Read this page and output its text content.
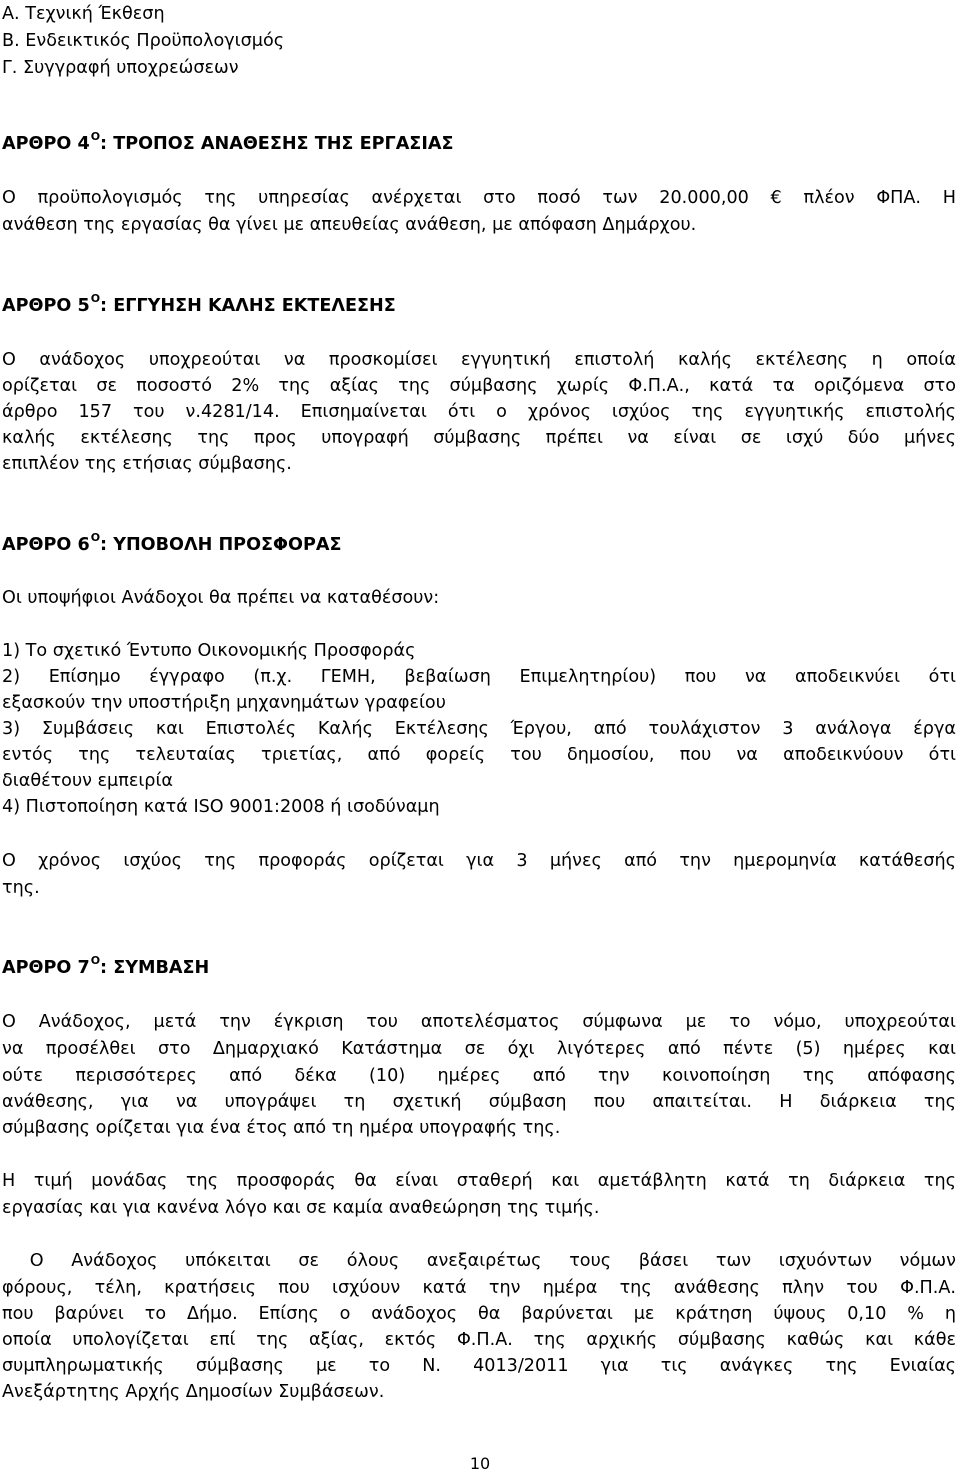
Α. Τεχνική Έκθεση
Β. Ενδεικτικός Προϋπολογισμός
Γ. Συγγραφή υποχρεώσεων
ΑΡΘΡΟ $4^O$: ΤΡΟΠΟΣ ΑΝΑΘΕΣΗΣ ΤΗΣ ΕΡΓΑΣΙΑΣ
Ο προϋπολογισμός της υπηρεσίας ανέρχεται στο ποσό των 20.000,00 € πλέον ΦΠΑ. Η
ανάθεση της εργασίας θα γίνει με απευθείας ανάθεση, με απόφαση Δημάρχου.
ΑΡΘΡΟ $5^O$: ΕΓΓΥΗΣΗ ΚΑΛΗΣ ΕΚΤΕΛΕΣΗΣ
Ο ανάδοχος υποχρεούται να προσκομίσει εγγυητική επιστολή καλής εκτέλεσης η οποία
ορίζεται σε ποσοστό 2% της αξίας της σύμβασης χωρίς Φ.Π.Α., κατά τα οριζόμενα στο
άρθρο 157 του ν.4281/14. Επισημαίνεται ότι ο χρόνος ισχύος της εγγυητικής επιστολής
καλής εκτέλεσης της προς υπογραφή σύμβασης πρέπει να είναι σε ισχύ δύο μήνες
επιπλέον της ετήσιας σύμβασης.
ΑΡΘΡΟ $6^O$: ΥΠΟΒΟΛΗ ΠΡΟΣΦΟΡΑΣ
Οι υποψήφιοι Ανάδοχοι θα πρέπει να καταθέσουν:
1) Το σχετικό Έντυπο Οικονομικής Προσφοράς
2) Επίσημο έγγραφο (π.χ. ΓΕΜΗ, βεβαίωση Επιμελητηρίου) που να αποδεικνύει ότι
εξασκούν την υποστήριξη μηχανημάτων γραφείου
3) Συμβάσεις και Επιστολές Καλής Εκτέλεσης Έργου, από τουλάχιστον 3 ανάλογα έργα
εντός της τελευταίας τριετίας, από φορείς του δημοσίου, που να αποδεικνύουν ότι
διαθέτουν εμπειρία
4) Πιστοποίηση κατά ISO 9001:2008 ή ισοδύναμη
Ο χρόνος ισχύος της προφοράς ορίζεται για 3 μήνες από την ημερομηνία κατάθεσής
της.
ΑΡΘΡΟ $7^O$: ΣΥΜΒΑΣΗ
Ο Ανάδοχος, μετά την έγκριση του αποτελέσματος σύμφωνα με το νόμο, υποχρεούται
να προσέλθει στο Δημαρχιακό Κατάστημα σε όχι λιγότερες από πέντε (5) ημέρες και
ούτε περισσότερες από δέκα (10) ημέρες από την κοινοποίηση της απόφασης
ανάθεσης, για να υπογράψει τη σχετική σύμβαση που απαιτείται. Η διάρκεια της
σύμβασης ορίζεται για ένα έτος από τη ημέρα υπογραφής της.
Η τιμή μονάδας της προσφοράς θα είναι σταθερή και αμετάβλητη κατά τη διάρκεια της
εργασίας και για κανένα λόγο και σε καμία αναθεώρηση της τιμής.
Ο Ανάδοχος υπόκειται σε όλους ανεξαιρέτως τους βάσει των ισχυόντων νόμων
φόρους, τέλη, κρατήσεις που ισχύουν κατά την ημέρα της ανάθεσης πλην του Φ.Π.Α.
που βαρύνει το Δήμο. Επίσης ο ανάδοχος θα βαρύνεται με κράτηση ύψους 0,10 % η
οποία υπολογίζεται επί της αξίας, εκτός Φ.Π.Α. της αρχικής σύμβασης καθώς και κάθε
συμπληρωματικής σύμβασης με το Ν. 4013/2011 για τις ανάγκες της Ενιαίας
Ανεξάρτητης Αρχής Δημοσίων Συμβάσεων.
10
